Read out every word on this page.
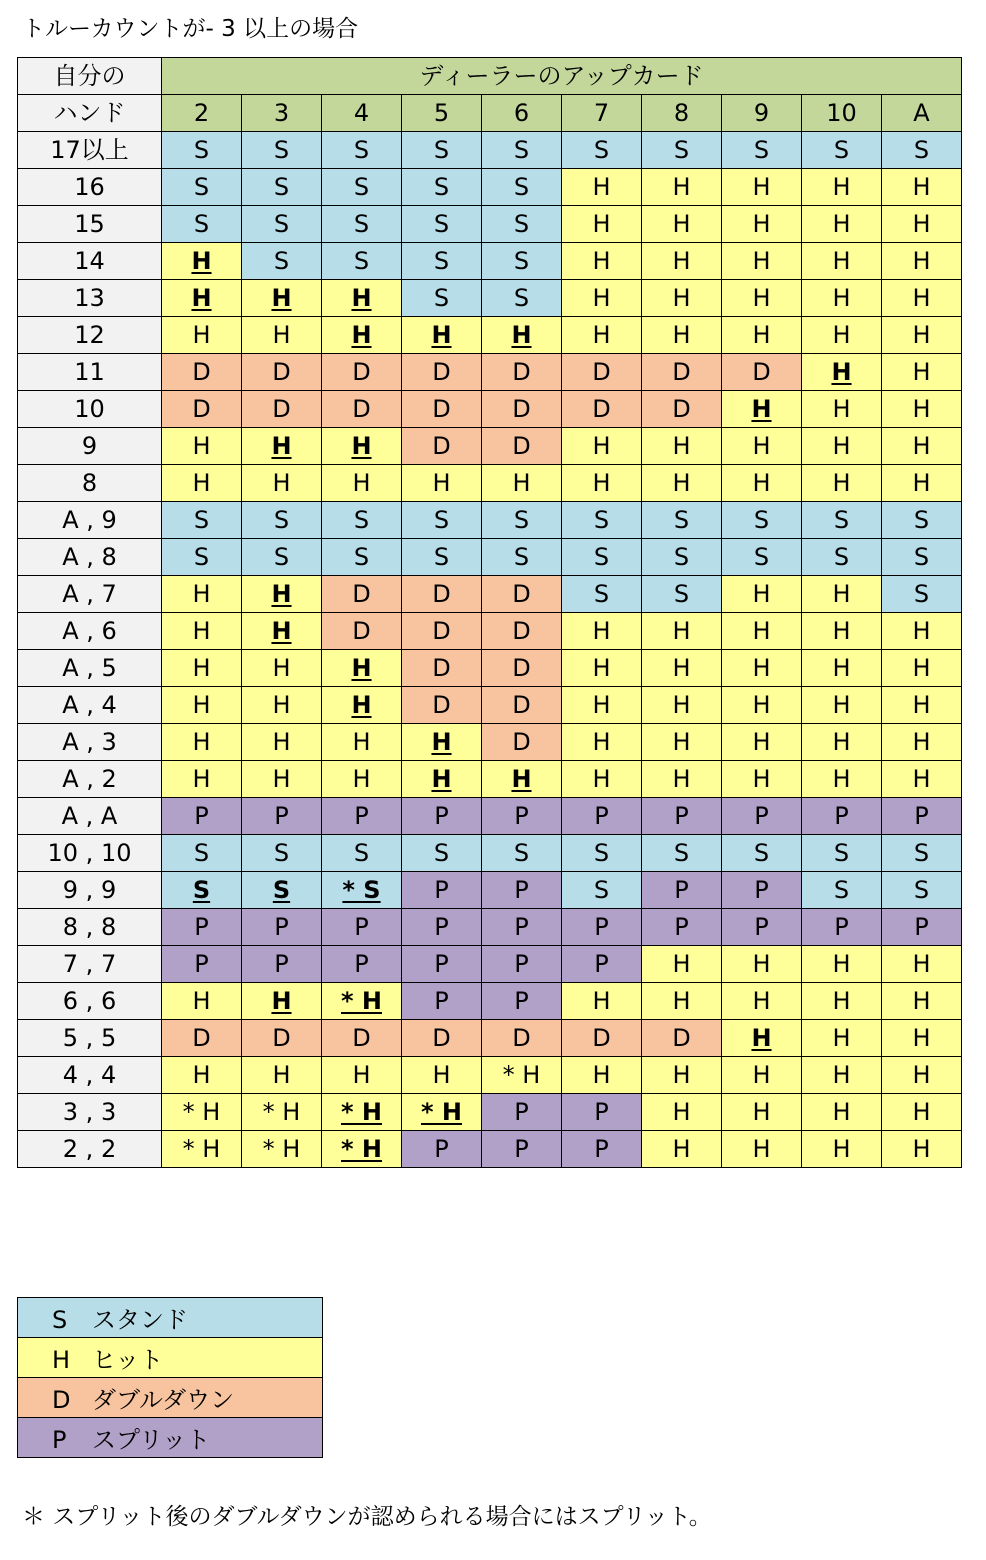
トルーカウントが- 3 以上の場合
自分の	ディーラーのアップカード									
ハンド	2	3	4	5	6	7	8	9	10	A
17以上	S	S	S	S	S	S	S	S	S	S
16	S	S	S	S	S	H	H	H	H	H
15	S	S	S	S	S	H	H	H	H	H
14	H	S	S	S	S	H	H	H	H	H
13	H	H	H	S	S	H	H	H	H	H
12	H	H	H	H	H	H	H	H	H	H
11	D	D	D	D	D	D	D	D	H	H
10	D	D	D	D	D	D	D	H	H	H
9	H	H	H	D	D	H	H	H	H	H
8	H	H	H	H	H	H	H	H	H	H
A , 9	S	S	S	S	S	S	S	S	S	S
A , 8	S	S	S	S	S	S	S	S	S	S
A , 7	H	H	D	D	D	S	S	H	H	S
A , 6	H	H	D	D	D	H	H	H	H	H
A , 5	H	H	H	D	D	H	H	H	H	H
A , 4	H	H	H	D	D	H	H	H	H	H
A , 3	H	H	H	H	D	H	H	H	H	H
A , 2	H	H	H	H	H	H	H	H	H	H
A , A	P	P	P	P	P	P	P	P	P	P
10 , 10	S	S	S	S	S	S	S	S	S	S
9 , 9	S	S	* S	P	P	S	P	P	S	S
8 , 8	P	P	P	P	P	P	P	P	P	P
7 , 7	P	P	P	P	P	P	H	H	H	H
6 , 6	H	H	* H	P	P	H	H	H	H	H
5 , 5	D	D	D	D	D	D	D	H	H	H
4 , 4	H	H	H	H	* H	H	H	H	H	H
3 , 3	* H	* H	* H	* H	P	P	H	H	H	H
2 , 2	* H	* H	* H	P	P	P	H	H	H	H
S スタンド
H ヒット
D ダブルダウン
P スプリット
＊ スプリット後のダブルダウンが認められる場合にはスプリット。
